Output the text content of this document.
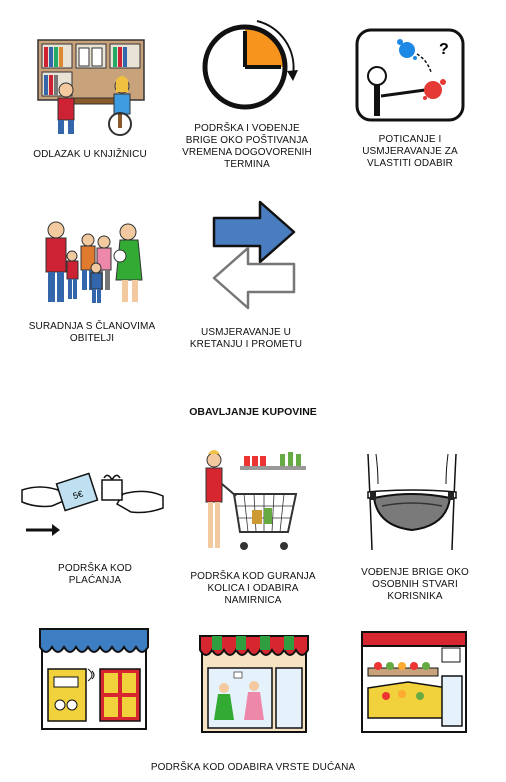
ODLAZAK U KNJIŽNICU
PODRŠKA I VOĐENJE BRIGE OKO POŠTIVANJA VREMENA DOGOVORENIH TERMINA
?
POTICANJE I USMJERAVANJE ZA VLASTITI ODABIR
SURADNJA S ČLANOVIMA OBITELJI
USMJERAVANJE U KRETANJU I PROMETU
OBAVLJANJE KUPOVINE
5€
PODRŠKA KOD PLAĆANJA	PODRŠKA KOD GURANJA KOLICA I ODABIRA NAMIRNICA
VOĐENJE BRIGE OKO OSOBNIH STVARI KORISNIKA
PODRŠKA KOD ODABIRA VRSTE DUĆANA
